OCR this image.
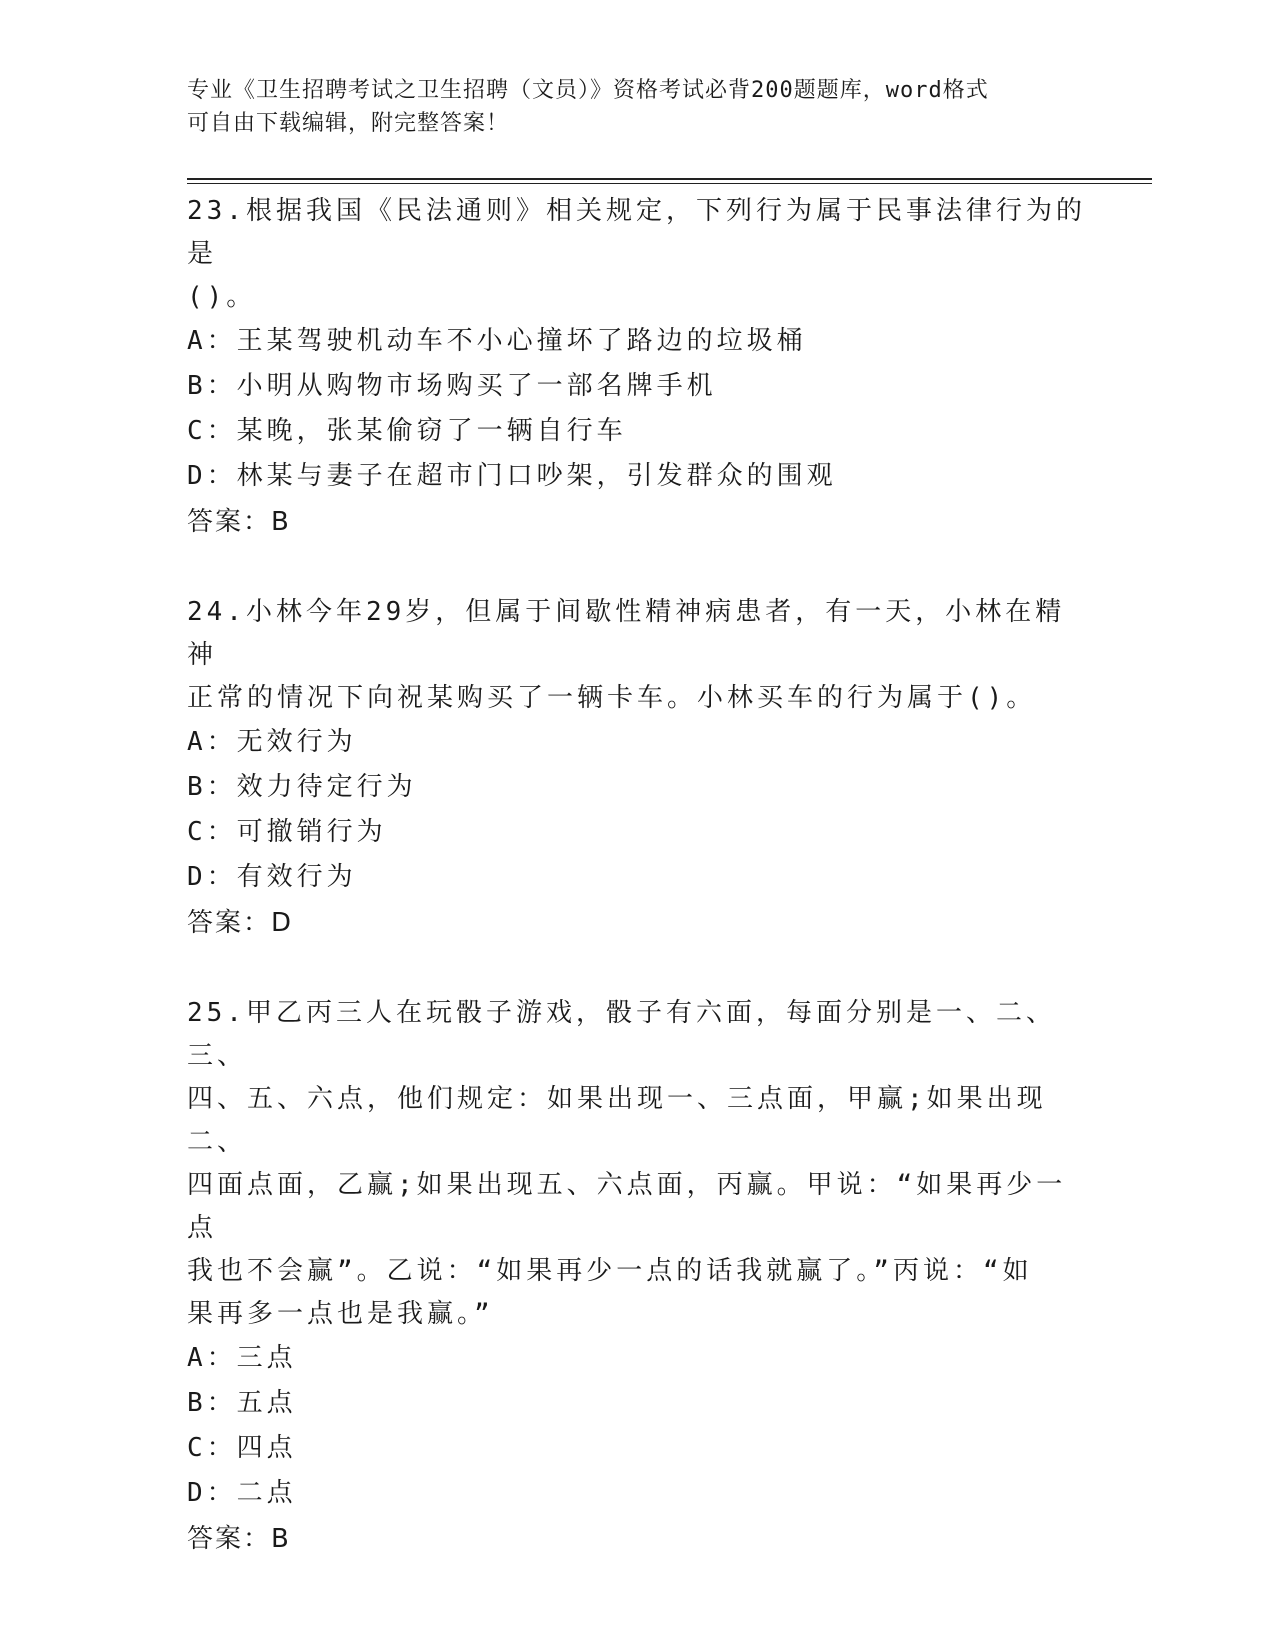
专业《卫生招聘考试之卫生招聘（文员）》资格考试必背200题题库，word格式
可自由下载编辑，附完整答案！

23.根据我国《民法通则》相关规定，下列行为属于民事法律行为的是

()。

A：王某驾驶机动车不小心撞坏了路边的垃圾桶

B：小明从购物市场购买了一部名牌手机

C：某晚，张某偷窃了一辆自行车

D：林某与妻子在超市门口吵架，引发群众的围观

答案：B

24.小林今年29岁，但属于间歇性精神病患者，有一天，小林在精神

正常的情况下向祝某购买了一辆卡车。小林买车的行为属于()。

A：无效行为

B：效力待定行为

C：可撤销行为

D：有效行为

答案：D

25.甲乙丙三人在玩骰子游戏，骰子有六面，每面分别是一、二、三、

四、五、六点，他们规定：如果出现一、三点面，甲赢;如果出现二、

四面点面，乙赢;如果出现五、六点面，丙赢。甲说：“如果再少一点

我也不会赢”。乙说：“如果再少一点的话我就赢了。”丙说：“如

果再多一点也是我赢。”

A：三点

B：五点

C：四点

D：二点

答案：B
